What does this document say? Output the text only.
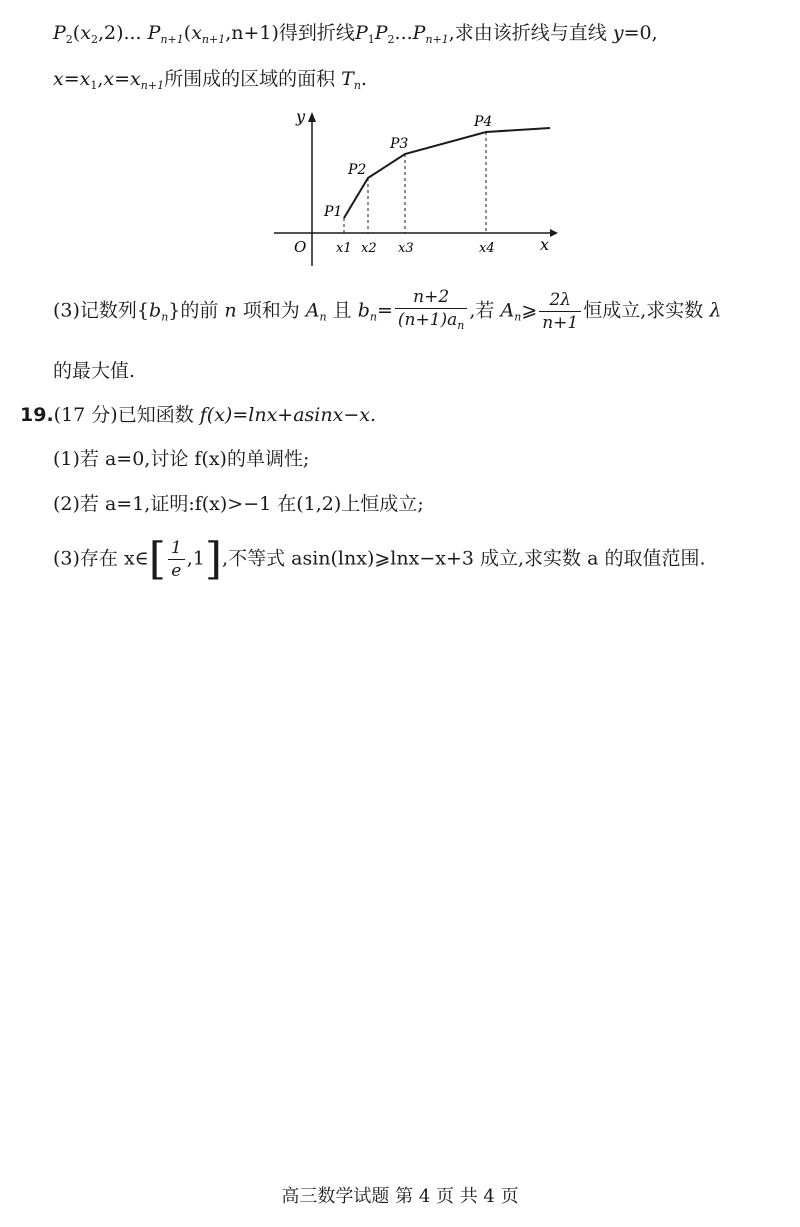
$P_2(x_2,2)$... $P_{n+1}(x_{n+1},n+1)$得到折线$P_1P_2...P_{n+1}$,求由该折线与直线 y=0,
$x=x_1,x=x_{n+1}$所围成的区域的面积 $T_n$.
y
x
O
P1
P2
P3
P4
x1 x2 x3	x4
(3)记数列$\{b_n\}$的前 n 项和为 $A_n$ 且 $b_n= \frac{n+2}{(n+1)a_n}$ ,若 $A_n⩾ \frac{2\lambda}{n+1}$ 恒成立,求实数 λ
的最大值.
19.(17 分)已知函数 f(x)=lnx+asinx−x.
(1)若 a=0,讨论 f(x)的单调性;
(2)若 a=1,证明:f(x)>−1 在(1,2)上恒成立;
(3)存在 x∈[ $\frac{1}{e} ,1$],不等式 asin(lnx)⩾lnx−x+3 成立,求实数 a 的取值范围.
高三数学试题 第 4 页 共 4 页
